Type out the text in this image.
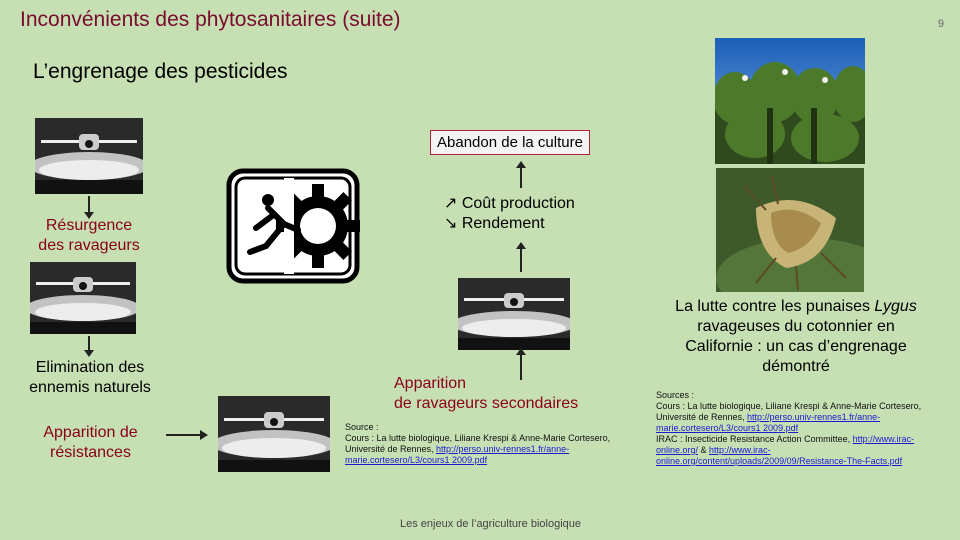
Inconvénients des phytosanitaires (suite)	9
L’engrenage des pesticides
Résurgence
des ravageurs
Elimination des
ennemis naturels
Apparition de
résistances
Abandon de la culture
↗ Coût production
↘ Rendement
Apparition
de ravageurs secondaires
Source :
Cours : La lutte biologique, Liliane Krespi & Anne-Marie Cortesero,
Université de Rennes, http://perso.univ-rennes1.fr/anne-
marie.cortesero/L3/cours1 2009.pdf
La lutte contre les punaises Lygus
ravageuses du cotonnier en
Californie : un cas d’engrenage
démontré
Sources :
Cours : La lutte biologique, Liliane Krespi & Anne-Marie Cortesero,
Université de Rennes, http://perso.univ-rennes1.fr/anne-
marie.cortesero/L3/cours1 2009.pdf
IRAC : Insecticide Resistance Action Committee, http://www.irac-
online.org/ & http://www.irac-
online.org/content/uploads/2009/09/Resistance-The-Facts.pdf
Les enjeux de l’agriculture biologique
